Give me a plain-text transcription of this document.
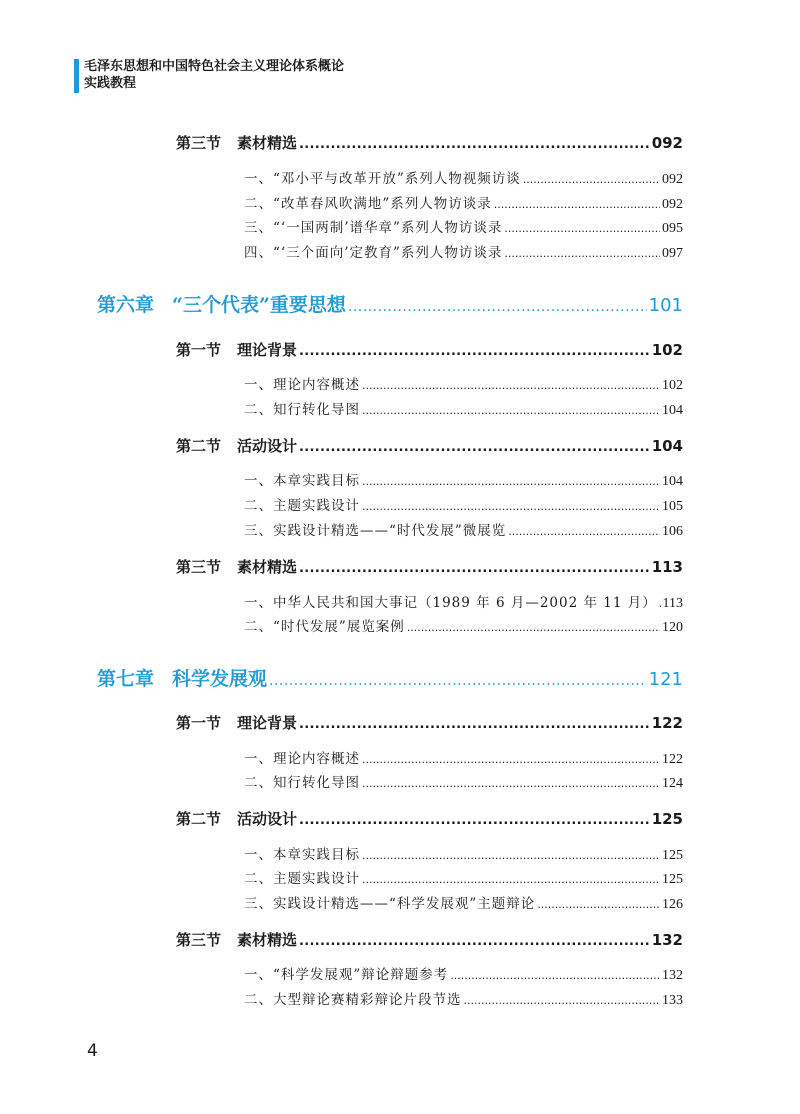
毛泽东思想和中国特色社会主义理论体系概论
实践教程
第三节 素材精选 .....	092
一、“邓小平与改革开放”系列人物视频访谈 .....	092
二、“改革春风吹满地”系列人物访谈录 .....	092
三、“‘一国两制’谱华章”系列人物访谈录 .....	095
四、“‘三个面向’定教育”系列人物访谈录 .....	097
第六章 “三个代表”重要思想 .....	101
第一节 理论背景 .....	102
一、理论内容概述 .....	102
二、知行转化导图 .....	104
第二节 活动设计 .....	104
一、本章实践目标 .....	104
二、主题实践设计 .....	105
三、实践设计精选——“时代发展”微展览 .....	106
第三节 素材精选 .....	113
一、中华人民共和国大事记（1989 年 6 月—2002 年 11 月） ..... 113
二、“时代发展”展览案例 .....	120
第七章 科学发展观 .....	121
第一节 理论背景 .....	122
一、理论内容概述 .....	122
二、知行转化导图 .....	124
第二节 活动设计 .....	125
一、本章实践目标 .....	125
二、主题实践设计 .....	125
三、实践设计精选——“科学发展观”主题辩论 .....	126
第三节 素材精选 .....	132
一、“科学发展观”辩论辩题参考 .....	132
二、大型辩论赛精彩辩论片段节选 .....	133
4
